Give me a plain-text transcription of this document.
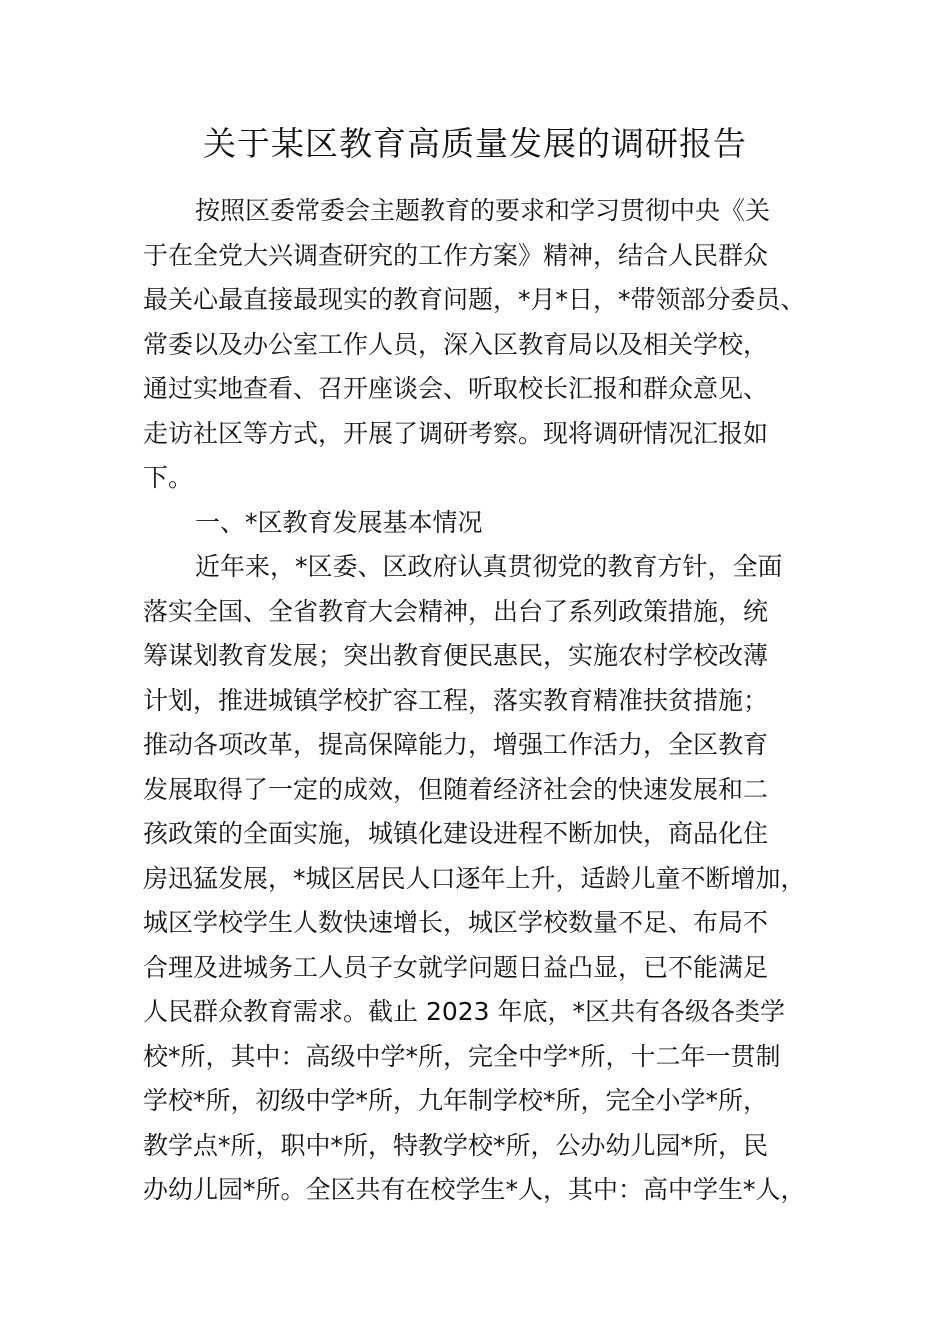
关于某区教育高质量发展的调研报告
按照区委常委会主题教育的要求和学习贯彻中央《关
于在全党大兴调查研究的工作方案》精神，结合人民群众
最关心最直接最现实的教育问题，*月*日，*带领部分委员、
常委以及办公室工作人员，深入区教育局以及相关学校，
通过实地查看、召开座谈会、听取校长汇报和群众意见、
走访社区等方式，开展了调研考察。现将调研情况汇报如
下。
一、*区教育发展基本情况
近年来，*区委、区政府认真贯彻党的教育方针，全面
落实全国、全省教育大会精神，出台了系列政策措施，统
筹谋划教育发展；突出教育便民惠民，实施农村学校改薄
计划，推进城镇学校扩容工程，落实教育精准扶贫措施；
推动各项改革，提高保障能力，增强工作活力，全区教育
发展取得了一定的成效，但随着经济社会的快速发展和二
孩政策的全面实施，城镇化建设进程不断加快，商品化住
房迅猛发展，*城区居民人口逐年上升，适龄儿童不断增加，
城区学校学生人数快速增长，城区学校数量不足、布局不
合理及进城务工人员子女就学问题日益凸显，已不能满足
人民群众教育需求。截止 2023 年底，*区共有各级各类学
校*所，其中：高级中学*所，完全中学*所，十二年一贯制
学校*所，初级中学*所，九年制学校*所，完全小学*所，
教学点*所，职中*所，特教学校*所，公办幼儿园*所，民
办幼儿园*所。全区共有在校学生*人，其中：高中学生*人，
